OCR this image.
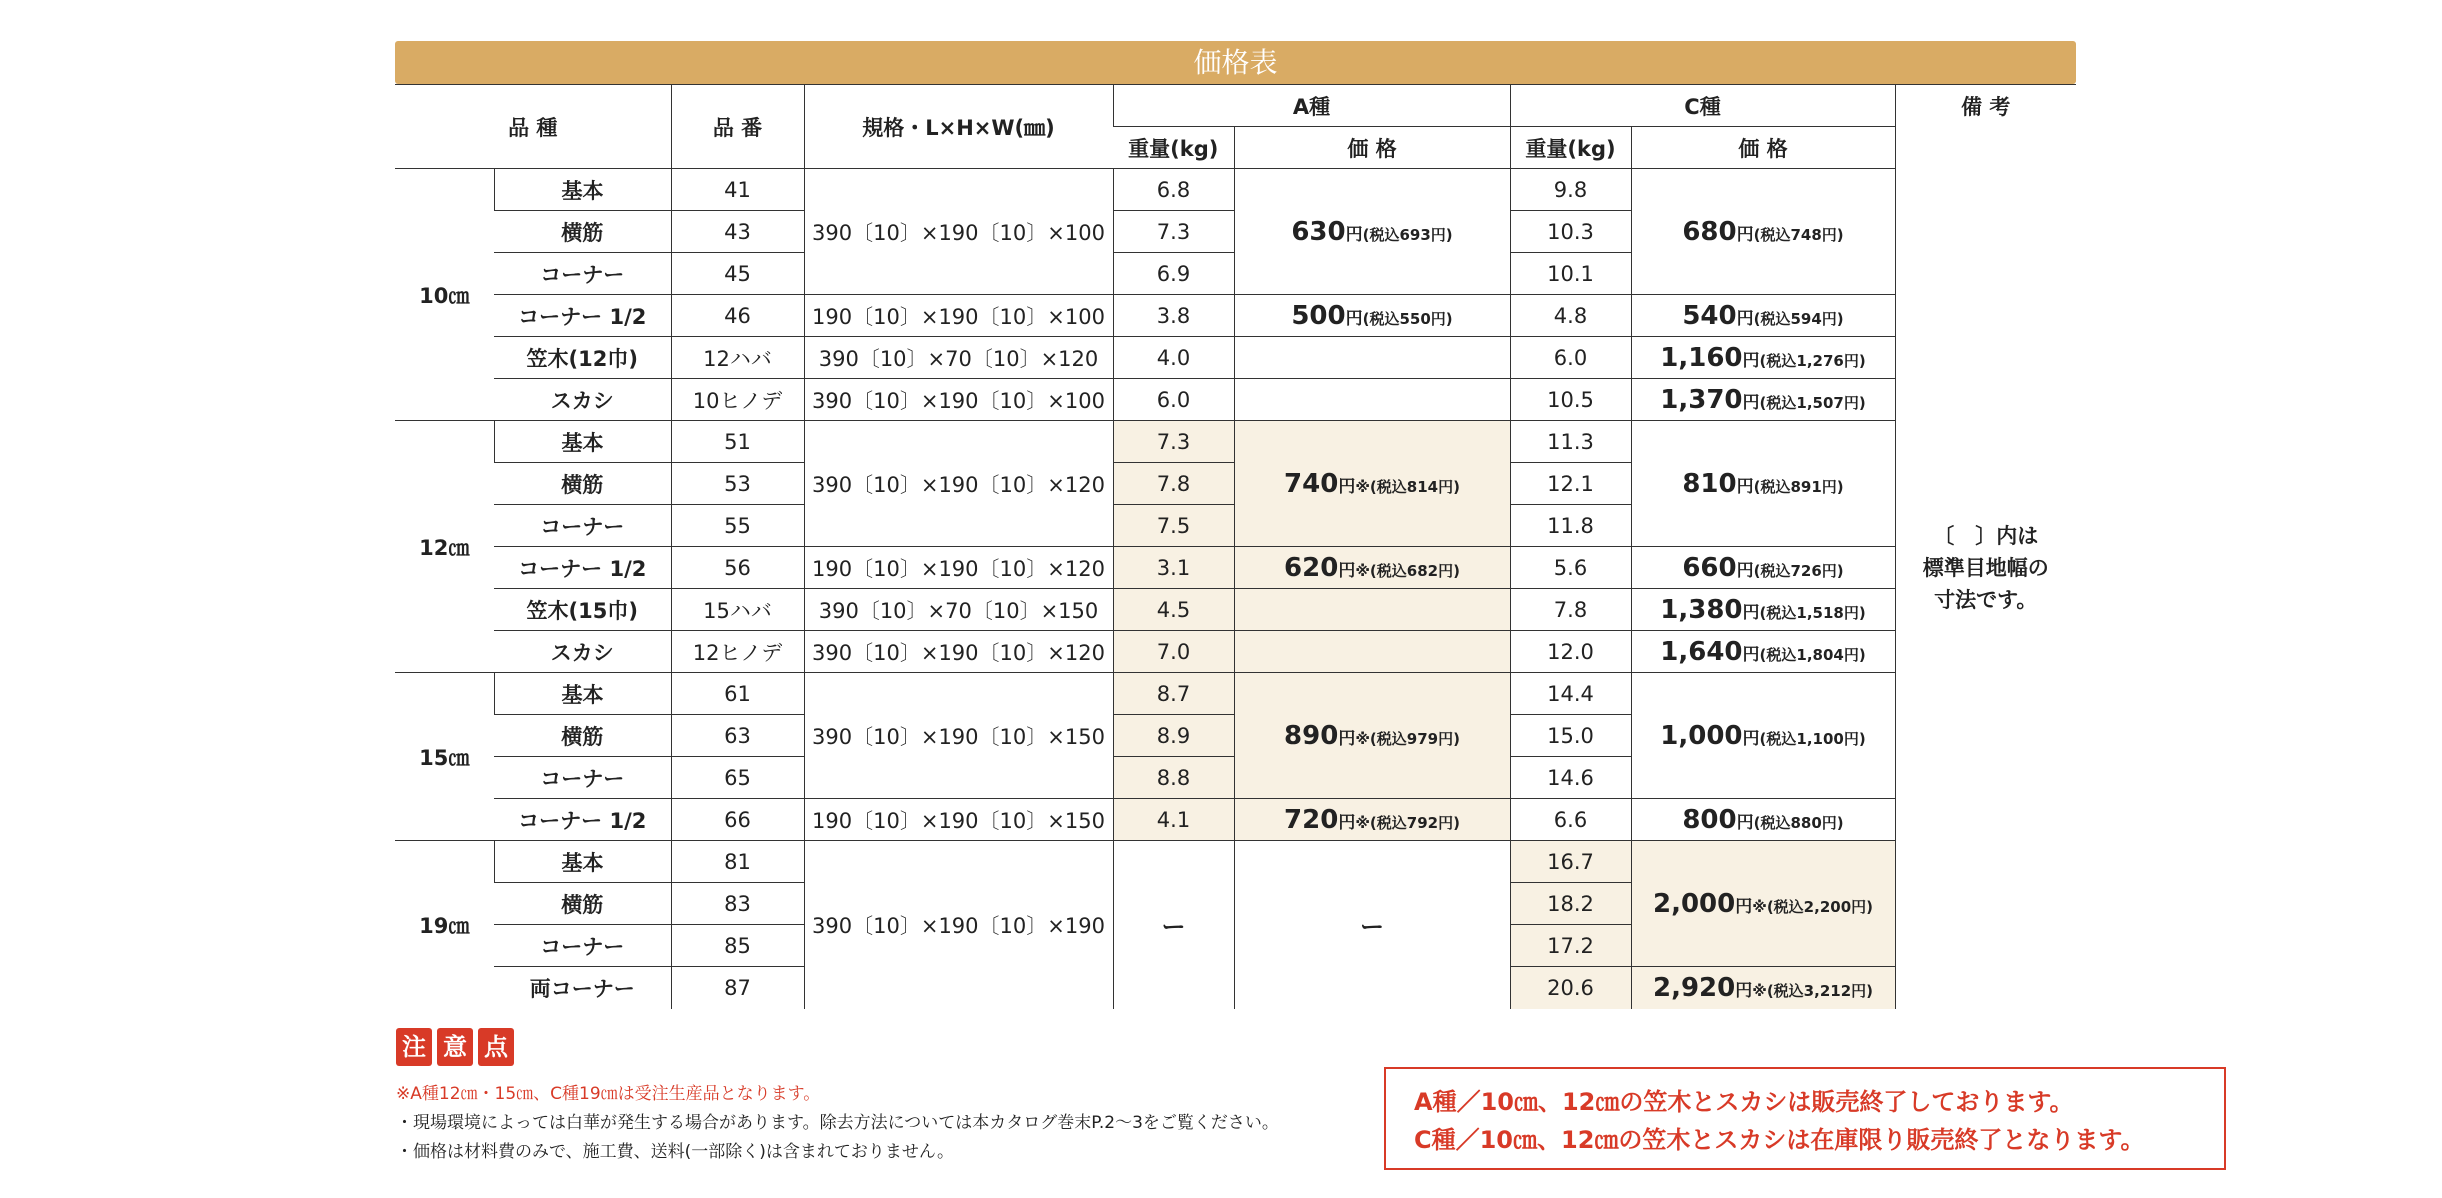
価格表
品 種		品 番	規格・L×H×W(㎜)	A種		C種		備 考
				重量(kg)	価 格	重量(kg)	価 格	〔　〕内は
標準目地幅の
寸法です。

10㎝	基本	41	390〔10〕×190〔10〕×100	6.8	630円(税込693円)	9.8	680円(税込748円)	
	横筋	43		7.3		10.3		
	コーナー	45		6.9		10.1		
	コーナー 1/2	46	190〔10〕×190〔10〕×100	3.8	500円(税込550円)	4.8	540円(税込594円)	
	笠木(12巾)	12ハバ	390〔10〕×70〔10〕×120	4.0		6.0	1,160円(税込1,276円)	
	スカシ	10ヒノデ	390〔10〕×190〔10〕×100	6.0		10.5	1,370円(税込1,507円)	
12㎝	基本	51	390〔10〕×190〔10〕×120	7.3	740円※(税込814円)	11.3	810円(税込891円)	
	横筋	53		7.8		12.1		
	コーナー	55		7.5		11.8		
	コーナー 1/2	56	190〔10〕×190〔10〕×120	3.1	620円※(税込682円)	5.6	660円(税込726円)	
	笠木(15巾)	15ハバ	390〔10〕×70〔10〕×150	4.5		7.8	1,380円(税込1,518円)	
	スカシ	12ヒノデ	390〔10〕×190〔10〕×120	7.0		12.0	1,640円(税込1,804円)	
15㎝	基本	61	390〔10〕×190〔10〕×150	8.7	890円※(税込979円)	14.4	1,000円(税込1,100円)	
	横筋	63		8.9		15.0		
	コーナー	65		8.8		14.6		
	コーナー 1/2	66	190〔10〕×190〔10〕×150	4.1	720円※(税込792円)	6.6	800円(税込880円)	
19㎝	基本	81	390〔10〕×190〔10〕×190	ー	ー	16.7	2,000円※(税込2,200円)	
	横筋	83				18.2		
	コーナー	85				17.2		
	両コーナー	87				20.6	2,920円※(税込3,212円)	
注 意 点
※A種12㎝・15㎝、C種19㎝は受注生産品となります。
・現場環境によっては白華が発生する場合があります。除去方法については本カタログ巻末P.2〜3をご覧ください。
・価格は材料費のみで、施工費、送料(一部除く)は含まれておりません。
A種／10㎝、12㎝の笠木とスカシは販売終了しております。
C種／10㎝、12㎝の笠木とスカシは在庫限り販売終了となります。
